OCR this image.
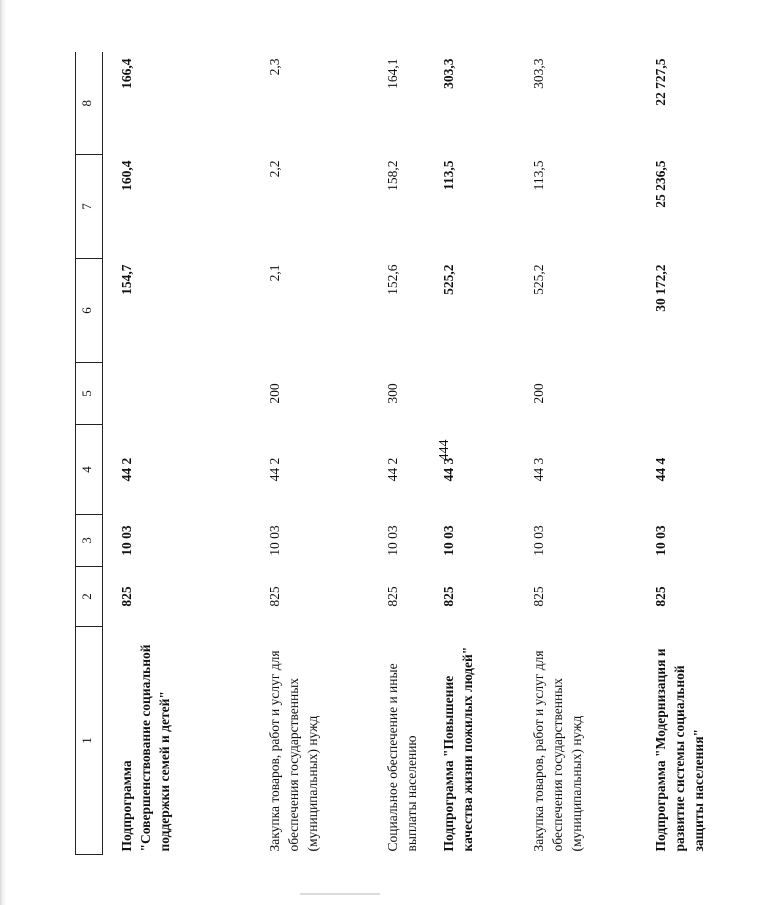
444
1	2	3	4	5	6	7	8

Подпрограмма "Совершенствование социальной поддержки семей и детей"	825	10 03	44 2		154,7	160,4	166,4
Закупка товаров, работ и услуг для обеспечения государственных (муниципальных) нужд	825	10 03	44 2	200	2,1	2,2	2,3
Социальное обеспечение и иные выплаты населению	825	10 03	44 2	300	152,6	158,2	164,1
Подпрограмма "Повышение качества жизни пожилых людей"	825	10 03	44 3		525,2	113,5	303,3
Закупка товаров, работ и услуг для обеспечения государственных (муниципальных) нужд	825	10 03	44 3	200	525,2	113,5	303,3
Подпрограмма "Модернизация и развитие системы социальной защиты населения"	825	10 03	44 4		30 172,2	25 236,5	22 727,5
